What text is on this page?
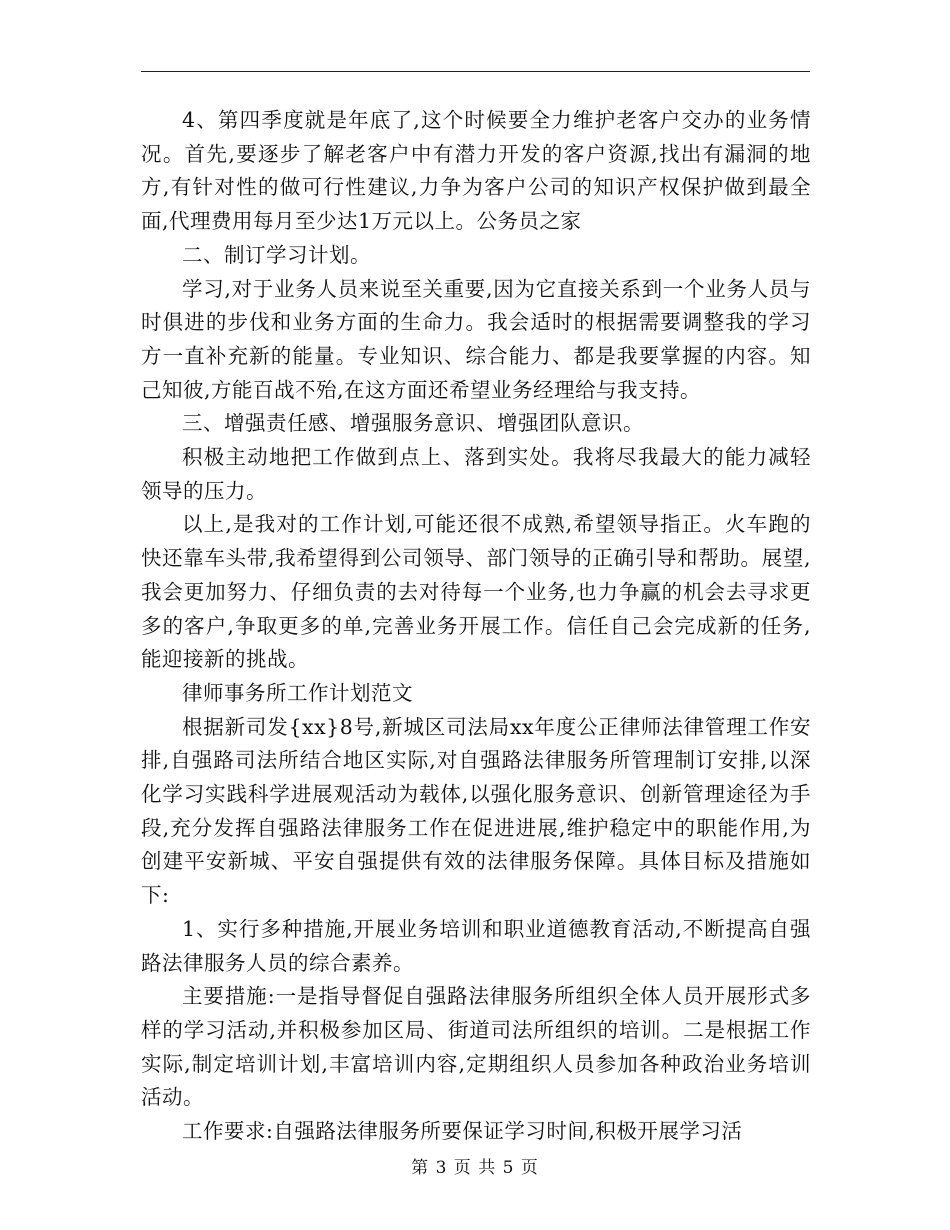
4、第四季度就是年底了,这个时候要全力维护老客户交办的业务情况。首先,要逐步了解老客户中有潜力开发的客户资源,找出有漏洞的地方,有针对性的做可行性建议,力争为客户公司的知识产权保护做到最全面,代理费用每月至少达1万元以上。公务员之家

二、制订学习计划。

学习,对于业务人员来说至关重要,因为它直接关系到一个业务人员与时俱进的步伐和业务方面的生命力。我会适时的根据需要调整我的学习方一直补充新的能量。专业知识、综合能力、都是我要掌握的内容。知己知彼,方能百战不殆,在这方面还希望业务经理给与我支持。

三、增强责任感、增强服务意识、增强团队意识。

积极主动地把工作做到点上、落到实处。我将尽我最大的能力减轻领导的压力。

以上,是我对的工作计划,可能还很不成熟,希望领导指正。火车跑的快还靠车头带,我希望得到公司领导、部门领导的正确引导和帮助。展望,我会更加努力、仔细负责的去对待每一个业务,也力争赢的机会去寻求更多的客户,争取更多的单,完善业务开展工作。信任自己会完成新的任务,能迎接新的挑战。

律师事务所工作计划范文

根据新司发{xx}8号,新城区司法局xx年度公正律师法律管理工作安排,自强路司法所结合地区实际,对自强路法律服务所管理制订安排,以深化学习实践科学进展观活动为载体,以强化服务意识、创新管理途径为手段,充分发挥自强路法律服务工作在促进进展,维护稳定中的职能作用,为创建平安新城、平安自强提供有效的法律服务保障。具体目标及措施如下:

1、实行多种措施,开展业务培训和职业道德教育活动,不断提高自强路法律服务人员的综合素养。

主要措施:一是指导督促自强路法律服务所组织全体人员开展形式多样的学习活动,并积极参加区局、街道司法所组织的培训。二是根据工作实际,制定培训计划,丰富培训内容,定期组织人员参加各种政治业务培训活动。

工作要求:自强路法律服务所要保证学习时间,积极开展学习活

第 3 页 共 5 页
